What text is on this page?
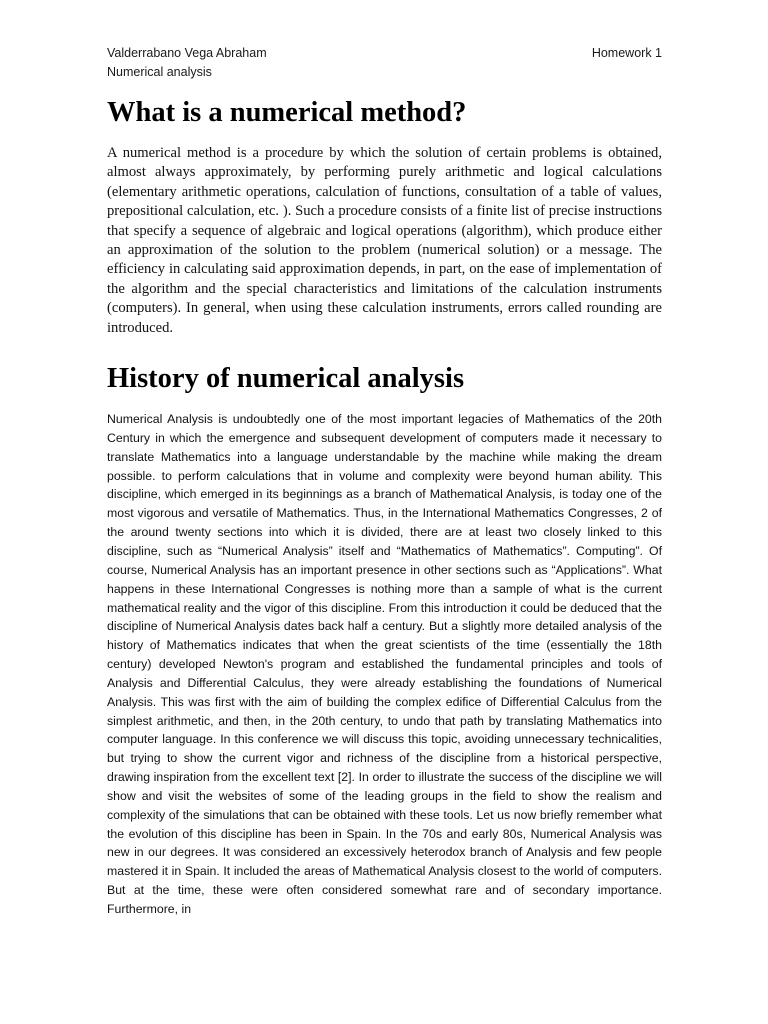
Valderrabano Vega Abraham
Numerical analysis
Homework 1
What is a numerical method?

A numerical method is a procedure by which the solution of certain problems is obtained, almost always approximately, by performing purely arithmetic and logical calculations (elementary arithmetic operations, calculation of functions, consultation of a table of values, prepositional calculation, etc. ). Such a procedure consists of a finite list of precise instructions that specify a sequence of algebraic and logical operations (algorithm), which produce either an approximation of the solution to the problem (numerical solution) or a message. The efficiency in calculating said approximation depends, in part, on the ease of implementation of the algorithm and the special characteristics and limitations of the calculation instruments (computers). In general, when using these calculation instruments, errors called rounding are introduced.

History of numerical analysis

Numerical Analysis is undoubtedly one of the most important legacies of Mathematics of the 20th Century in which the emergence and subsequent development of computers made it necessary to translate Mathematics into a language understandable by the machine while making the dream possible. to perform calculations that in volume and complexity were beyond human ability. This discipline, which emerged in its beginnings as a branch of Mathematical Analysis, is today one of the most vigorous and versatile of Mathematics. Thus, in the International Mathematics Congresses, 2 of the around twenty sections into which it is divided, there are at least two closely linked to this discipline, such as “Numerical Analysis” itself and “Mathematics of Mathematics”. Computing”. Of course, Numerical Analysis has an important presence in other sections such as “Applications”. What happens in these International Congresses is nothing more than a sample of what is the current mathematical reality and the vigor of this discipline. From this introduction it could be deduced that the discipline of Numerical Analysis dates back half a century. But a slightly more detailed analysis of the history of Mathematics indicates that when the great scientists of the time (essentially the 18th century) developed Newton's program and established the fundamental principles and tools of Analysis and Differential Calculus, they were already establishing the foundations of Numerical Analysis. This was first with the aim of building the complex edifice of Differential Calculus from the simplest arithmetic, and then, in the 20th century, to undo that path by translating Mathematics into computer language. In this conference we will discuss this topic, avoiding unnecessary technicalities, but trying to show the current vigor and richness of the discipline from a historical perspective, drawing inspiration from the excellent text [2]. In order to illustrate the success of the discipline we will show and visit the websites of some of the leading groups in the field to show the realism and complexity of the simulations that can be obtained with these tools. Let us now briefly remember what the evolution of this discipline has been in Spain. In the 70s and early 80s, Numerical Analysis was new in our degrees. It was considered an excessively heterodox branch of Analysis and few people mastered it in Spain. It included the areas of Mathematical Analysis closest to the world of computers. But at the time, these were often considered somewhat rare and of secondary importance. Furthermore, in
